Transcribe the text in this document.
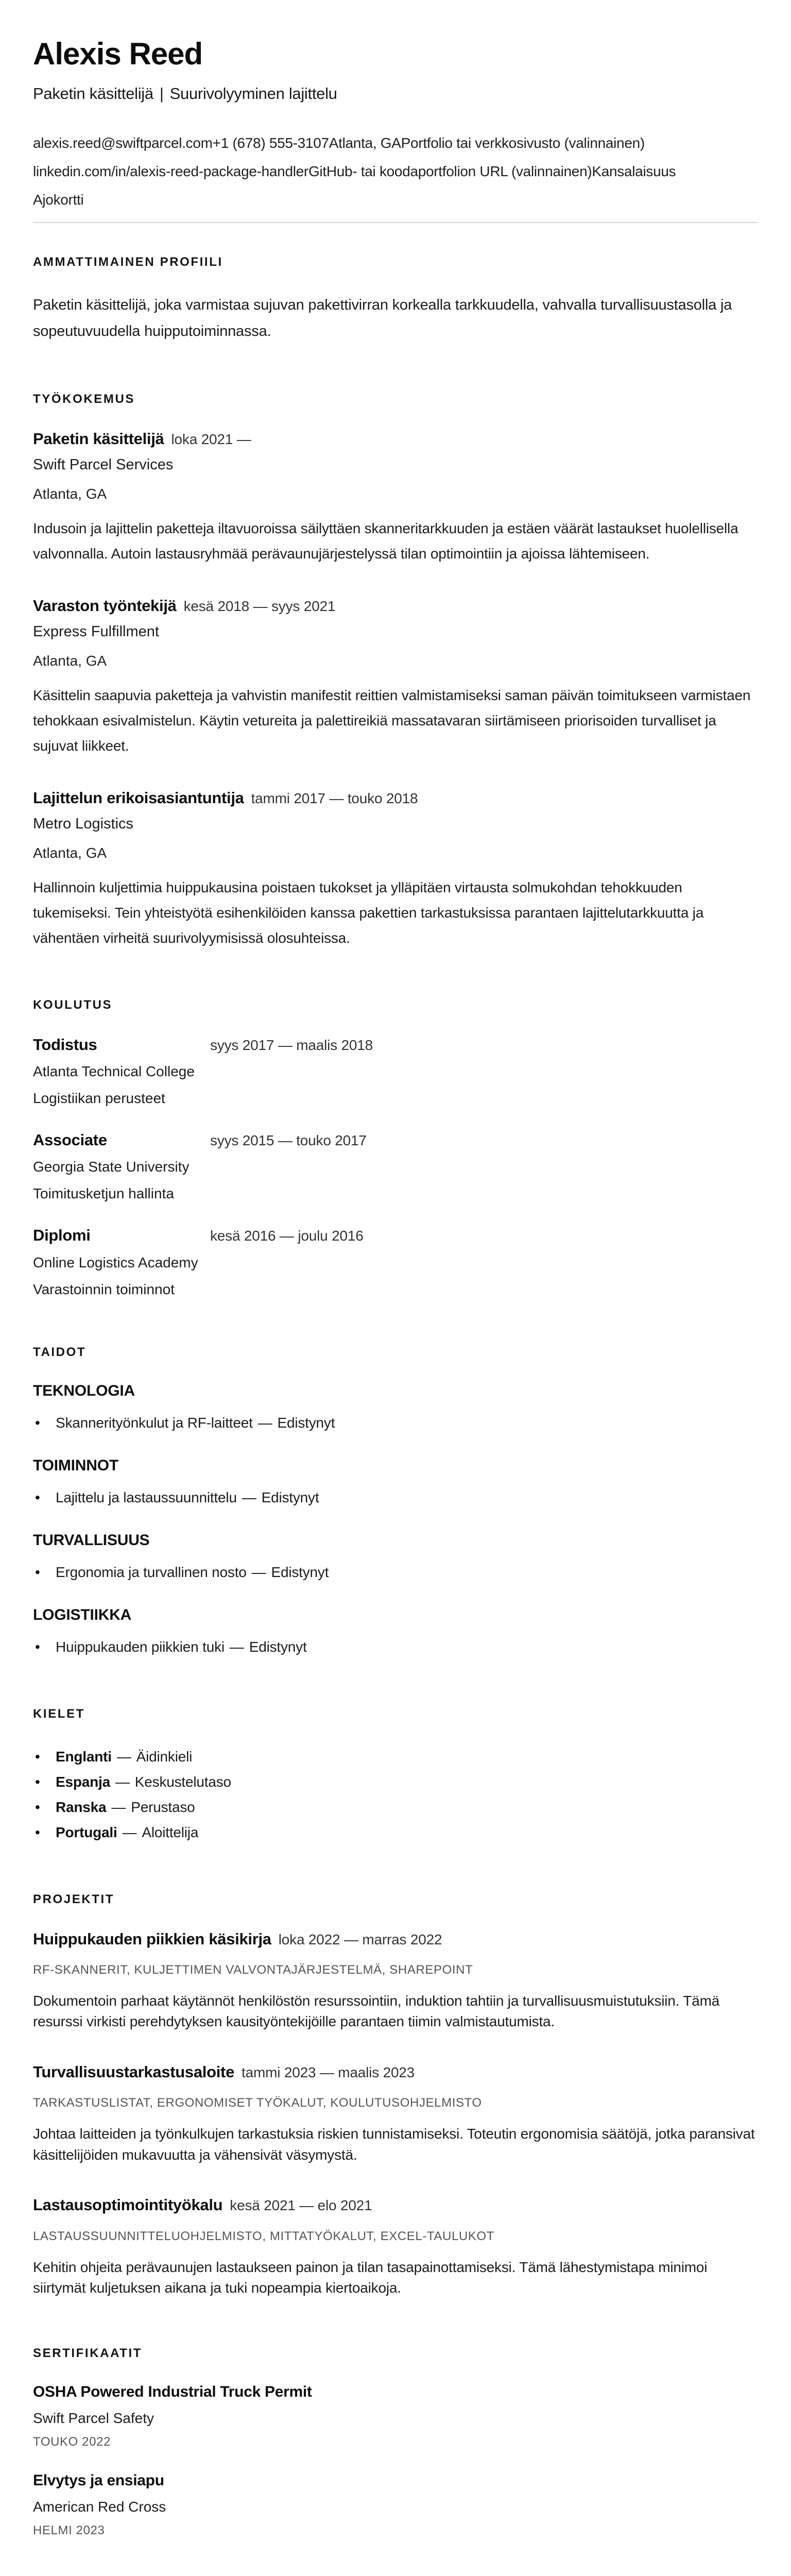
Alexis Reed

Paketin käsittelijä | Suurivolyyminen lajittelu

alexis.reed@swiftparcel.com+1 (678) 555-3107Atlanta, GAPortfolio tai verkkosivusto (valinnainen)
linkedin.com/in/alexis-reed-package-handlerGitHub- tai koodaportfolion URL (valinnainen)Kansalaisuus
Ajokortti
AMMATTIMAINEN PROFIILI

Paketin käsittelijä, joka varmistaa sujuvan pakettivirran korkealla tarkkuudella, vahvalla turvallisuustasolla ja sopeutuvuudella huipputoiminnassa.

TYÖKOKEMUS
Paketin käsittelijä loka 2021 —
Swift Parcel Services
Atlanta, GA

Indusoin ja lajittelin paketteja iltavuoroissa säilyttäen skanneritarkkuuden ja estäen väärät lastaukset huolellisella valvonnalla. Autoin lastausryhmää perävaunujärjestelyssä tilan optimointiin ja ajoissa lähtemiseen.

Varaston työntekijä kesä 2018 — syys 2021
Express Fulfillment
Atlanta, GA

Käsittelin saapuvia paketteja ja vahvistin manifestit reittien valmistamiseksi saman päivän toimitukseen varmistaen tehokkaan esivalmistelun. Käytin vetureita ja palettireikiä massatavaran siirtämiseen priorisoiden turvalliset ja sujuvat liikkeet.

Lajittelun erikoisasiantuntija tammi 2017 — touko 2018
Metro Logistics
Atlanta, GA

Hallinnoin kuljettimia huippukausina poistaen tukokset ja ylläpitäen virtausta solmukohdan tehokkuuden tukemiseksi. Tein yhteistyötä esihenkilöiden kanssa pakettien tarkastuksissa parantaen lajittelutarkkuutta ja vähentäen virheitä suurivolyymisissä olosuhteissa.

KOULUTUS
Todistus	syys 2017 — maalis 2018
Atlanta Technical College
Logistiikan perusteet
Associate	syys 2015 — touko 2017
Georgia State University
Toimitusketjun hallinta
Diplomi	kesä 2016 — joulu 2016
Online Logistics Academy
Varastoinnin toiminnot
TAIDOT
TEKNOLOGIA
• Skannerityönkulut ja RF-laitteet — Edistynyt
TOIMINNOT
• Lajittelu ja lastaussuunnittelu — Edistynyt
TURVALLISUUS
• Ergonomia ja turvallinen nosto — Edistynyt
LOGISTIIKKA
• Huippukauden piikkien tuki — Edistynyt
KIELET
• Englanti — Äidinkieli
• Espanja — Keskustelutaso
• Ranska — Perustaso
• Portugali — Aloittelija
PROJEKTIT
Huippukauden piikkien käsikirja loka 2022 — marras 2022
RF-SKANNERIT, KULJETTIMEN VALVONTAJÄRJESTELMÄ, SHAREPOINT

Dokumentoin parhaat käytännöt henkilöstön resurssointiin, induktion tahtiin ja turvallisuusmuistutuksiin. Tämä resurssi virkisti perehdytyksen kausityöntekijöille parantaen tiimin valmistautumista.

Turvallisuustarkastusaloite tammi 2023 — maalis 2023
TARKASTUSLISTAT, ERGONOMISET TYÖKALUT, KOULUTUSOHJELMISTO

Johtaa laitteiden ja työnkulkujen tarkastuksia riskien tunnistamiseksi. Toteutin ergonomisia säätöjä, jotka paransivat käsittelijöiden mukavuutta ja vähensivät väsymystä.

Lastausoptimointityökalu kesä 2021 — elo 2021
LASTAUSSUUNNITTELUOHJELMISTO, MITTATYÖKALUT, EXCEL-TAULUKOT

Kehitin ohjeita perävaunujen lastaukseen painon ja tilan tasapainottamiseksi. Tämä lähestymistapa minimoi siirtymät kuljetuksen aikana ja tuki nopeampia kiertoaikoja.

SERTIFIKAATIT
OSHA Powered Industrial Truck Permit
Swift Parcel Safety
TOUKO 2022
Elvytys ja ensiapu
American Red Cross
HELMI 2023
